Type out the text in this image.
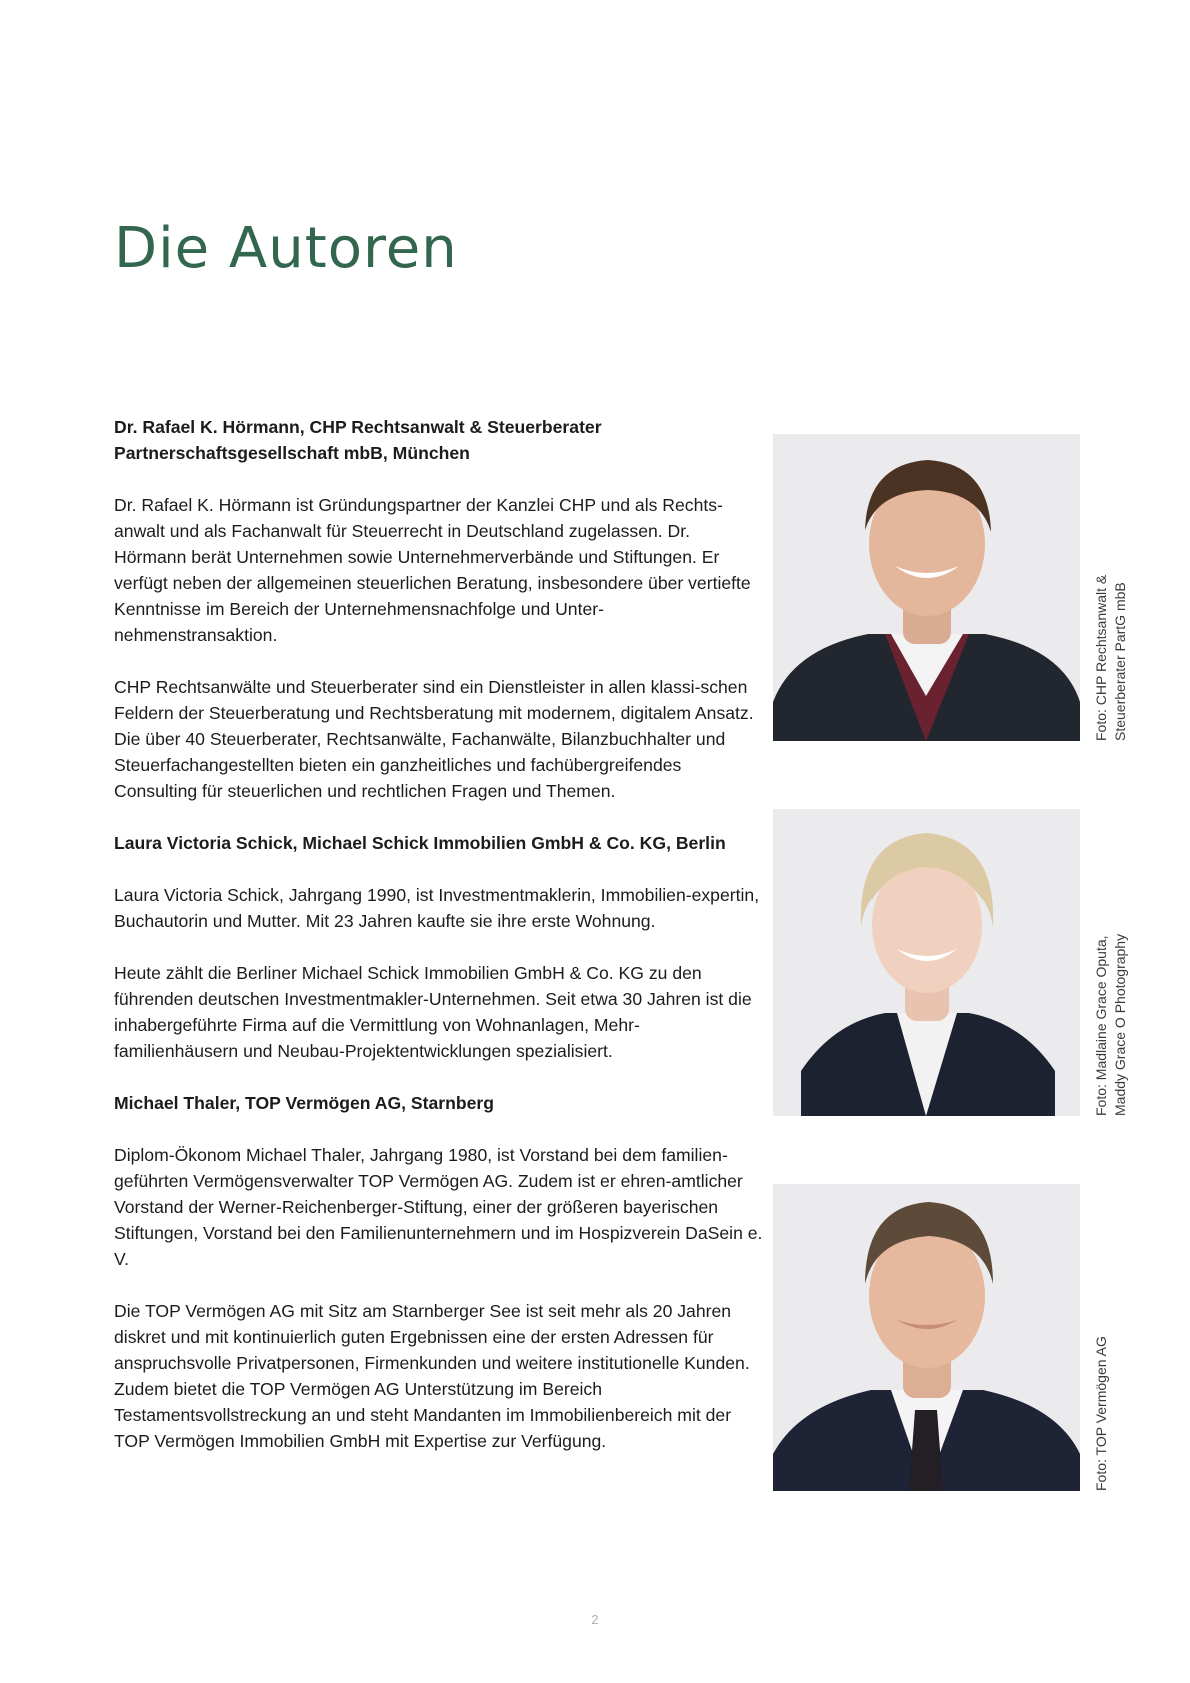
Die Autoren

Dr. Rafael K. Hörmann, CHP Rechtsanwalt & Steuerberater
Partnerschaftsgesellschaft mbB, München

Dr. Rafael K. Hörmann ist Gründungspartner der Kanzlei CHP und als Rechts-anwalt und als Fachanwalt für Steuerrecht in Deutschland zugelassen. Dr. Hörmann berät Unternehmen sowie Unternehmerverbände und Stiftungen. Er verfügt neben der allgemeinen steuerlichen Beratung, insbesondere über vertiefte Kenntnisse im Bereich der Unternehmensnachfolge und Unter-nehmenstransaktion.

CHP Rechtsanwälte und Steuerberater sind ein Dienstleister in allen klassi-schen Feldern der Steuerberatung und Rechtsberatung mit modernem, digitalem Ansatz. Die über 40 Steuerberater, Rechtsanwälte, Fachanwälte, Bilanzbuchhalter und Steuerfachangestellten bieten ein ganzheitliches und fachübergreifendes Consulting für steuerlichen und rechtlichen Fragen und Themen.

Laura Victoria Schick, Michael Schick Immobilien GmbH & Co. KG, Berlin

Laura Victoria Schick, Jahrgang 1990, ist Investmentmaklerin, Immobilien-expertin, Buchautorin und Mutter. Mit 23 Jahren kaufte sie ihre erste Wohnung.

Heute zählt die Berliner Michael Schick Immobilien GmbH & Co. KG zu den führenden deutschen Investmentmakler-Unternehmen. Seit etwa 30 Jahren ist die inhabergeführte Firma auf die Vermittlung von Wohnanlagen, Mehr-familienhäusern und Neubau-Projektentwicklungen spezialisiert.

Michael Thaler, TOP Vermögen AG, Starnberg

Diplom-Ökonom Michael Thaler, Jahrgang 1980, ist Vorstand bei dem familien-geführten Vermögensverwalter TOP Vermögen AG. Zudem ist er ehren-amtlicher Vorstand der Werner-Reichenberger-Stiftung, einer der größeren bayerischen Stiftungen, Vorstand bei den Familienunternehmern und im Hospizverein DaSein e. V.

Die TOP Vermögen AG mit Sitz am Starnberger See ist seit mehr als 20 Jahren diskret und mit kontinuierlich guten Ergebnissen eine der ersten Adressen für anspruchsvolle Privatpersonen, Firmenkunden und weitere institutionelle Kunden. Zudem bietet die TOP Vermögen AG Unterstützung im Bereich Testamentsvollstreckung an und steht Mandanten im Immobilienbereich mit der TOP Vermögen Immobilien GmbH mit Expertise zur Verfügung.

Foto: CHP Rechtsanwalt & Steuerberater PartG mbB
Foto: Madlaine Grace Oputa, Maddy Grace O Photography
Foto: TOP Vermögen AG
2
